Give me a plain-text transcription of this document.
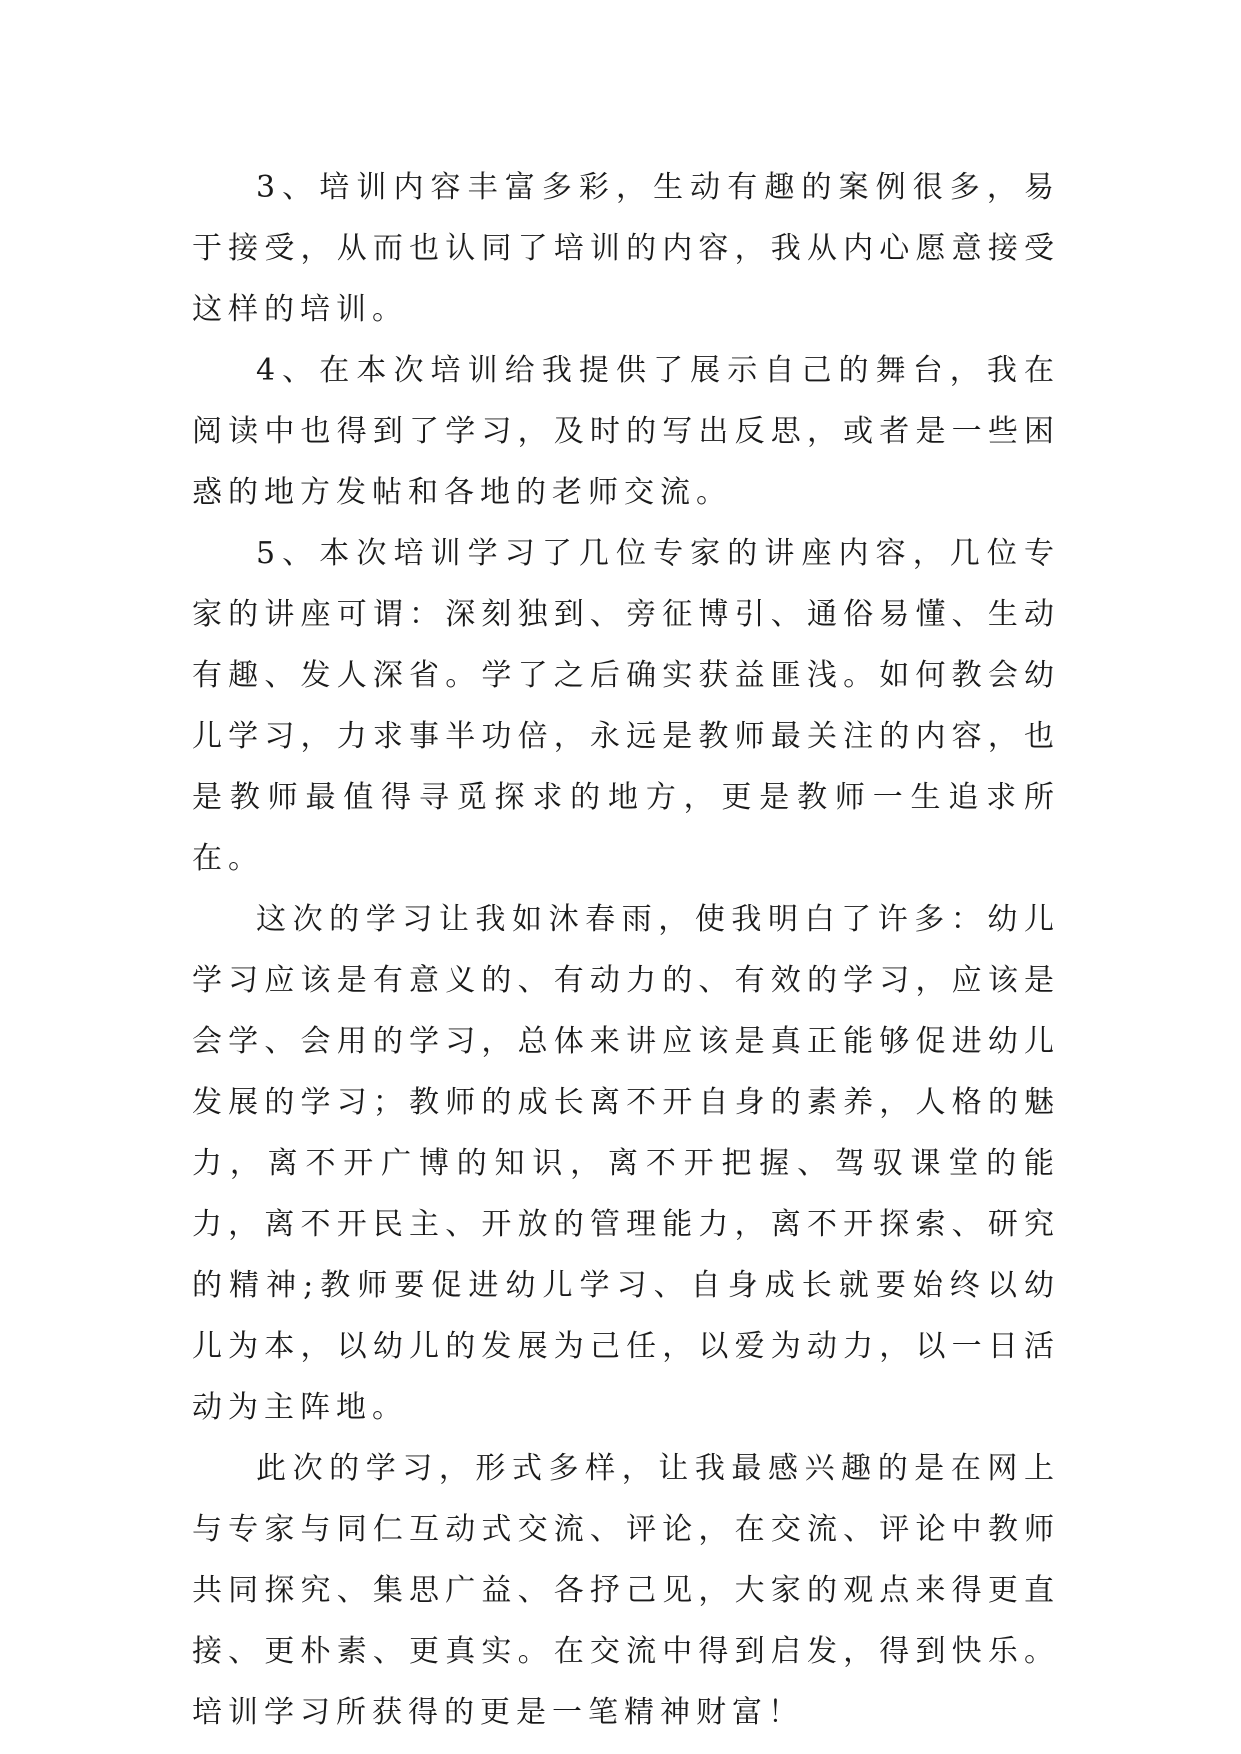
3、培训内容丰富多彩，生动有趣的案例很多，易于接受，从而也认同了培训的内容，我从内心愿意接受这样的培训。

4、在本次培训给我提供了展示自己的舞台，我在阅读中也得到了学习，及时的写出反思，或者是一些困惑的地方发帖和各地的老师交流。

5、本次培训学习了几位专家的讲座内容，几位专家的讲座可谓：深刻独到、旁征博引、通俗易懂、生动有趣、发人深省。学了之后确实获益匪浅。如何教会幼儿学习，力求事半功倍，永远是教师最关注的内容，也是教师最值得寻觅探求的地方，更是教师一生追求所在。

这次的学习让我如沐春雨，使我明白了许多：幼儿学习应该是有意义的、有动力的、有效的学习，应该是会学、会用的学习，总体来讲应该是真正能够促进幼儿发展的学习；教师的成长离不开自身的素养，人格的魅力，离不开广博的知识，离不开把握、驾驭课堂的能力，离不开民主、开放的管理能力，离不开探索、研究的精神;教师要促进幼儿学习、自身成长就要始终以幼儿为本，以幼儿的发展为己任，以爱为动力，以一日活动为主阵地。

此次的学习，形式多样，让我最感兴趣的是在网上与专家与同仁互动式交流、评论，在交流、评论中教师共同探究、集思广益、各抒己见，大家的观点来得更直接、更朴素、更真实。在交流中得到启发，得到快乐。培训学习所获得的更是一笔精神财富！
